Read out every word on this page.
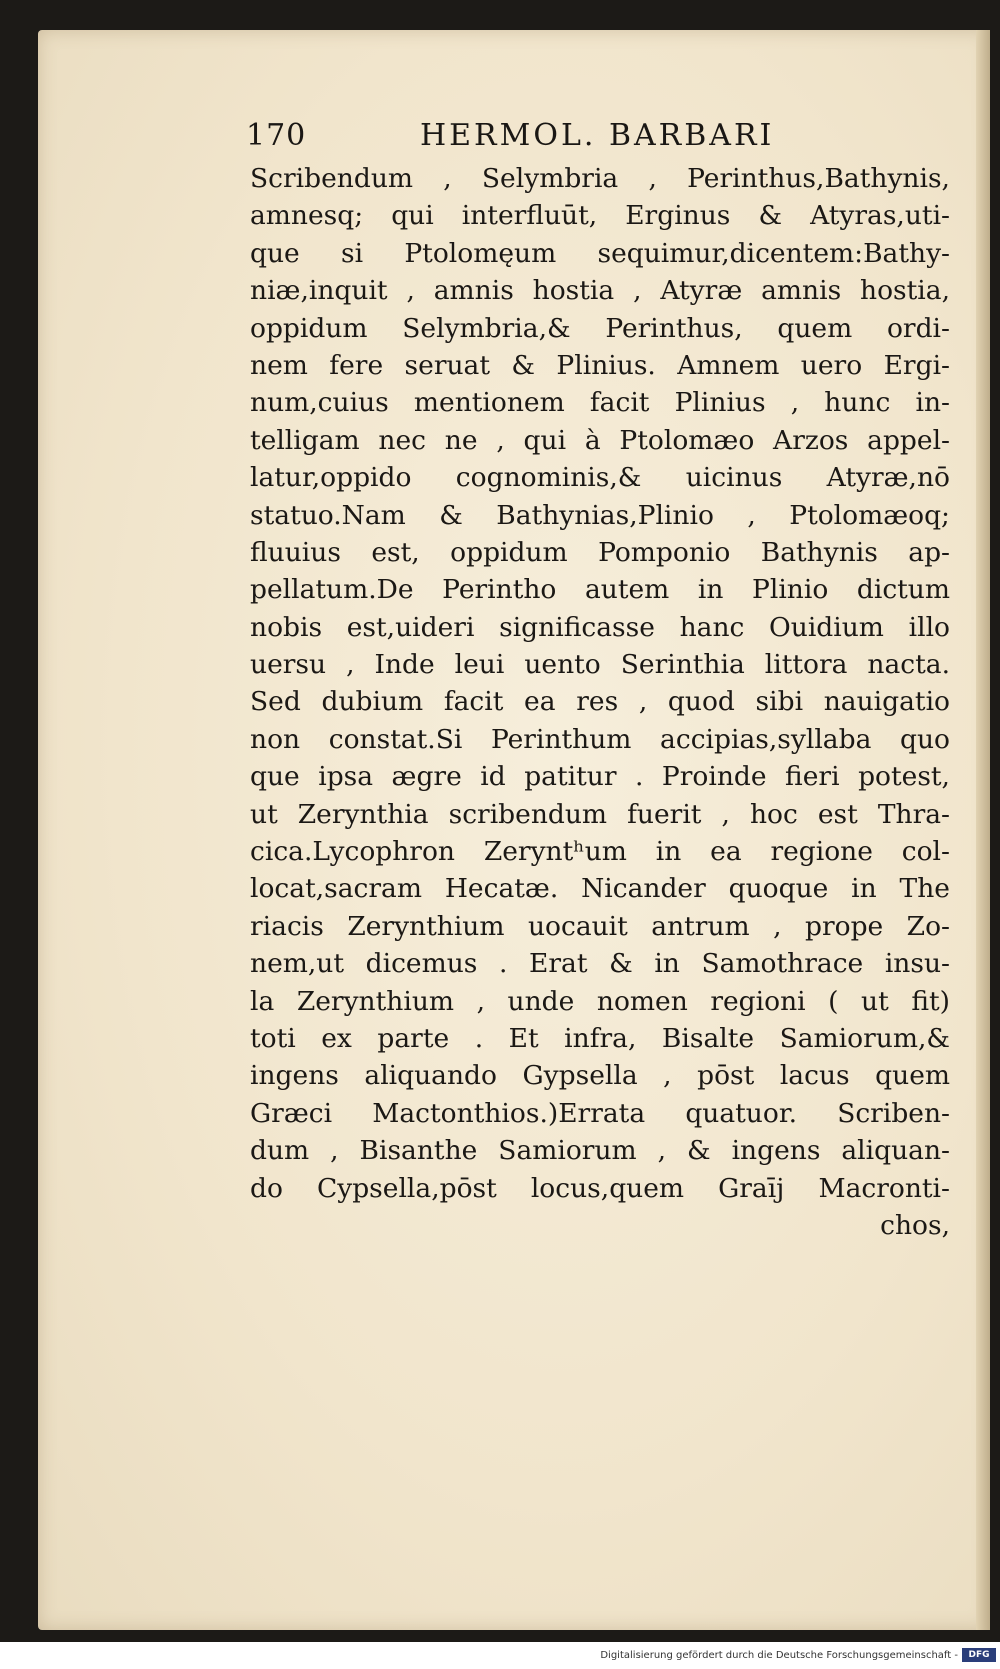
170	HERMOL. BARBARI
Scribendum , Selymbria , Perinthus,Bathynis,
amnesq; qui interfluūt, Erginus & Atyras,uti-
que si Ptolomęum sequimur,dicentem:Bathy-
niæ,inquit , amnis hostia , Atyræ amnis hostia,
oppidum Selymbria,& Perinthus, quem ordi-
nem fere seruat & Plinius. Amnem uero Ergi-
num,cuius mentionem facit Plinius , hunc in-
telligam nec ne , qui à Ptolomæo Arzos appel-
latur,oppido cognominis,& uicinus Atyræ,nō
statuo.Nam & Bathynias,Plinio , Ptolomæoq;
fluuius est, oppidum Pomponio Bathynis ap-
pellatum.De Perintho autem in Plinio dictum
nobis est,uideri significasse hanc Ouidium illo
uersu , Inde leui uento Serinthia littora nacta.
Sed dubium facit ea res , quod sibi nauigatio
non constat.Si Perinthum accipias,syllaba quo
que ipsa ægre id patitur . Proinde fieri potest,
ut Zerynthia scribendum fuerit , hoc est Thra-
cica.Lycophron Zeryntʰum in ea regione col-
locat,sacram Hecatæ. Nicander quoque in The
riacis Zerynthium uocauit antrum , prope Zo-
nem,ut dicemus . Erat & in Samothrace insu-
la Zerynthium , unde nomen regioni ( ut fit)
toti ex parte . Et infra, Bisalte Samiorum,&
ingens aliquando Gypsella , pōst lacus quem
Græci Mactonthios.)Errata quatuor. Scriben-
dum , Bisanthe Samiorum , & ingens aliquan-
do Cypsella,pōst locus,quem Graīj Macronti-
chos,
Digitalisierung gefördert durch die Deutsche Forschungsgemeinschaft -	DFG
